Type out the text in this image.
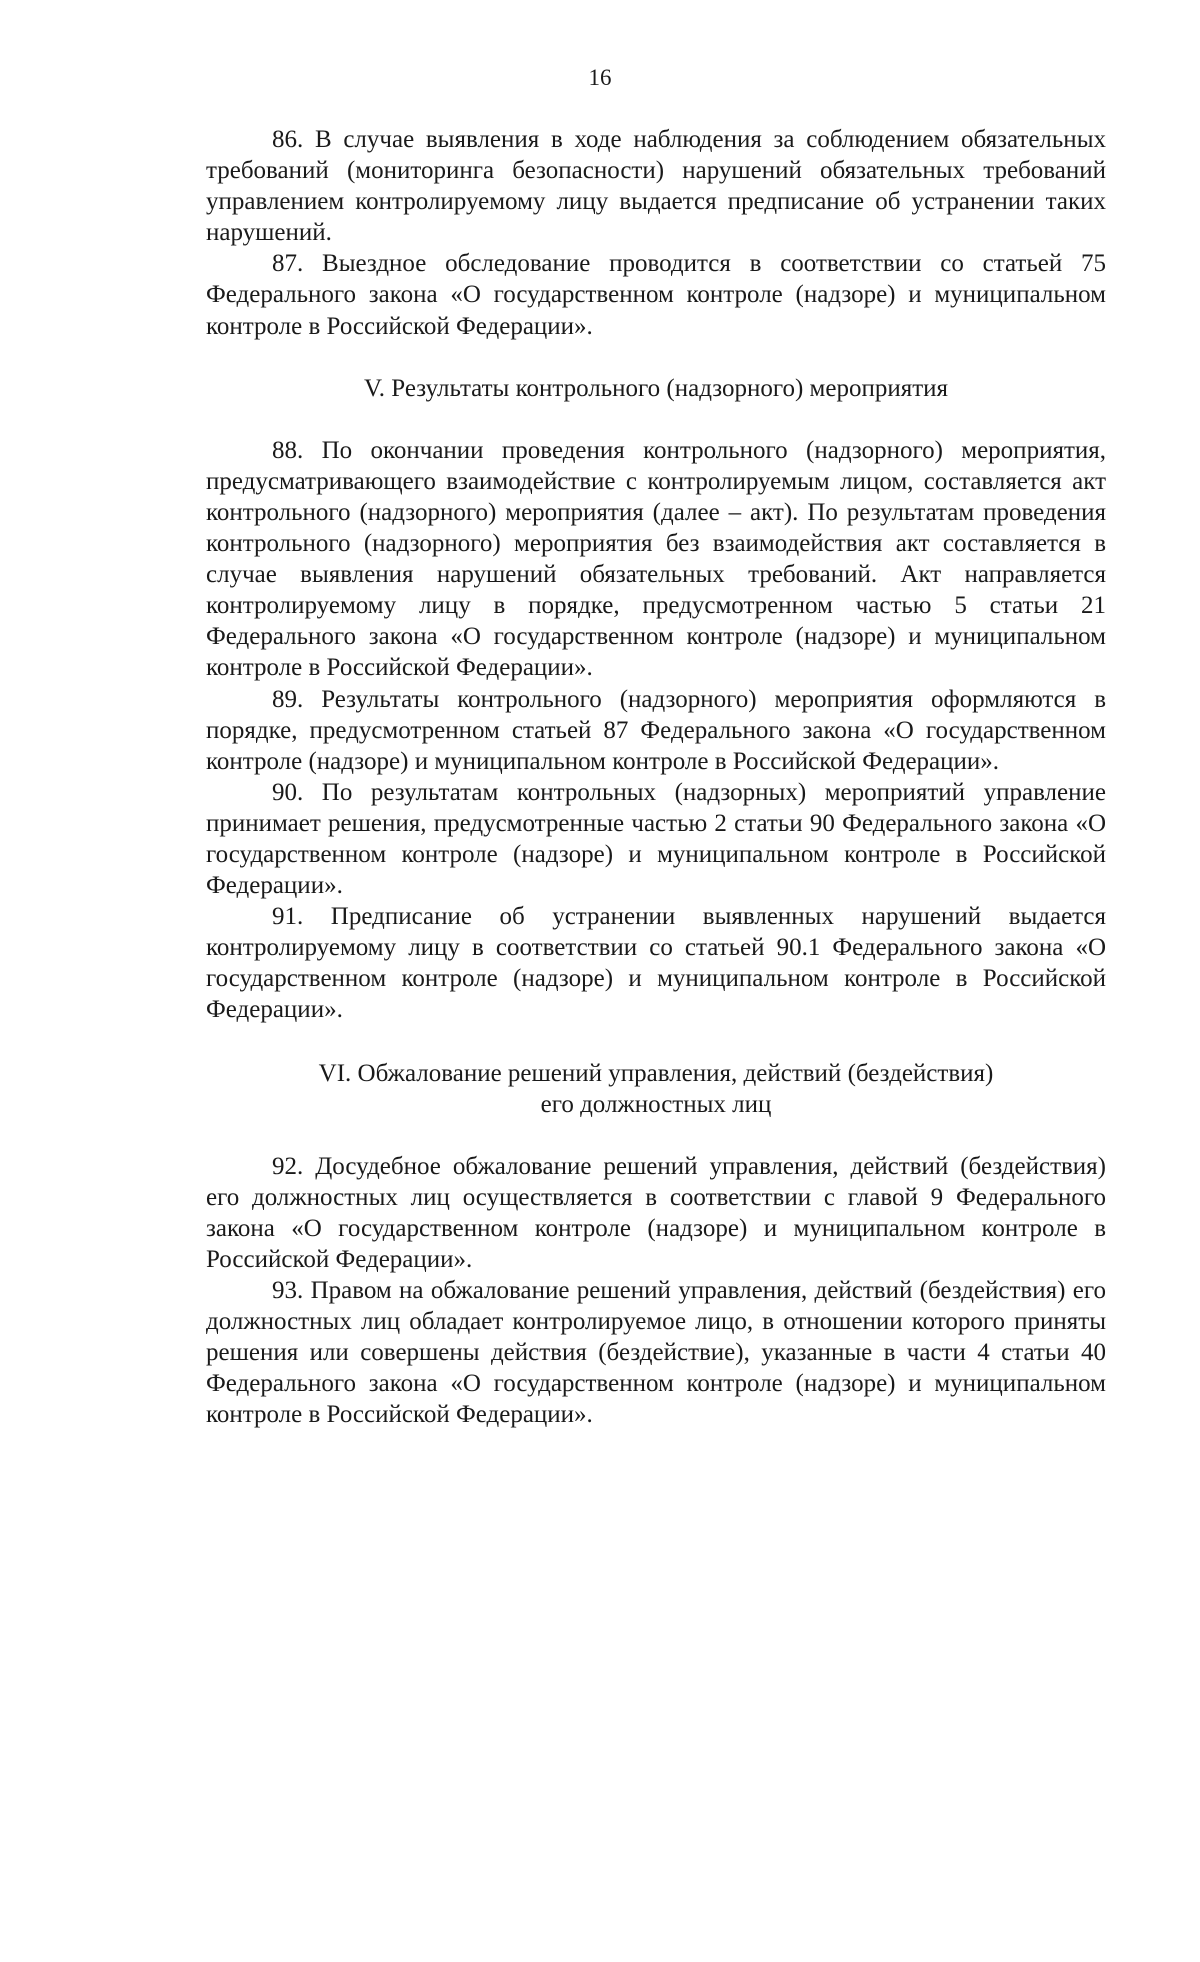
16

86. В случае выявления в ходе наблюдения за соблюдением обязательных требований (мониторинга безопасности) нарушений обязательных требований управлением контролируемому лицу выдается предписание об устранении таких нарушений.

87. Выездное обследование проводится в соответствии со статьей 75 Федерального закона «О государственном контроле (надзоре) и муниципальном контроле в Российской Федерации».

V. Результаты контрольного (надзорного) мероприятия

88. По окончании проведения контрольного (надзорного) мероприятия, предусматривающего взаимодействие с контролируемым лицом, составляется акт контрольного (надзорного) мероприятия (далее – акт). По результатам проведения контрольного (надзорного) мероприятия без взаимодействия акт составляется в случае выявления нарушений обязательных требований. Акт направляется контролируемому лицу в порядке, предусмотренном частью 5 статьи 21 Федерального закона «О государственном контроле (надзоре) и муниципальном контроле в Российской Федерации».

89. Результаты контрольного (надзорного) мероприятия оформляются в порядке, предусмотренном статьей 87 Федерального закона «О государственном контроле (надзоре) и муниципальном контроле в Российской Федерации».

90. По результатам контрольных (надзорных) мероприятий управление принимает решения, предусмотренные частью 2 статьи 90 Федерального закона «О государственном контроле (надзоре) и муниципальном контроле в Российской Федерации».

91. Предписание об устранении выявленных нарушений выдается контролируемому лицу в соответствии со статьей 90.1 Федерального закона «О государственном контроле (надзоре) и муниципальном контроле в Российской Федерации».

VI. Обжалование решений управления, действий (бездействия)
его должностных лиц

92. Досудебное обжалование решений управления, действий (бездействия) его должностных лиц осуществляется в соответствии с главой 9 Федерального закона «О государственном контроле (надзоре) и муниципальном контроле в Российской Федерации».

93. Правом на обжалование решений управления, действий (бездействия) его должностных лиц обладает контролируемое лицо, в отношении которого приняты решения или совершены действия (бездействие), указанные в части 4 статьи 40 Федерального закона «О государственном контроле (надзоре) и муниципальном контроле в Российской Федерации».
